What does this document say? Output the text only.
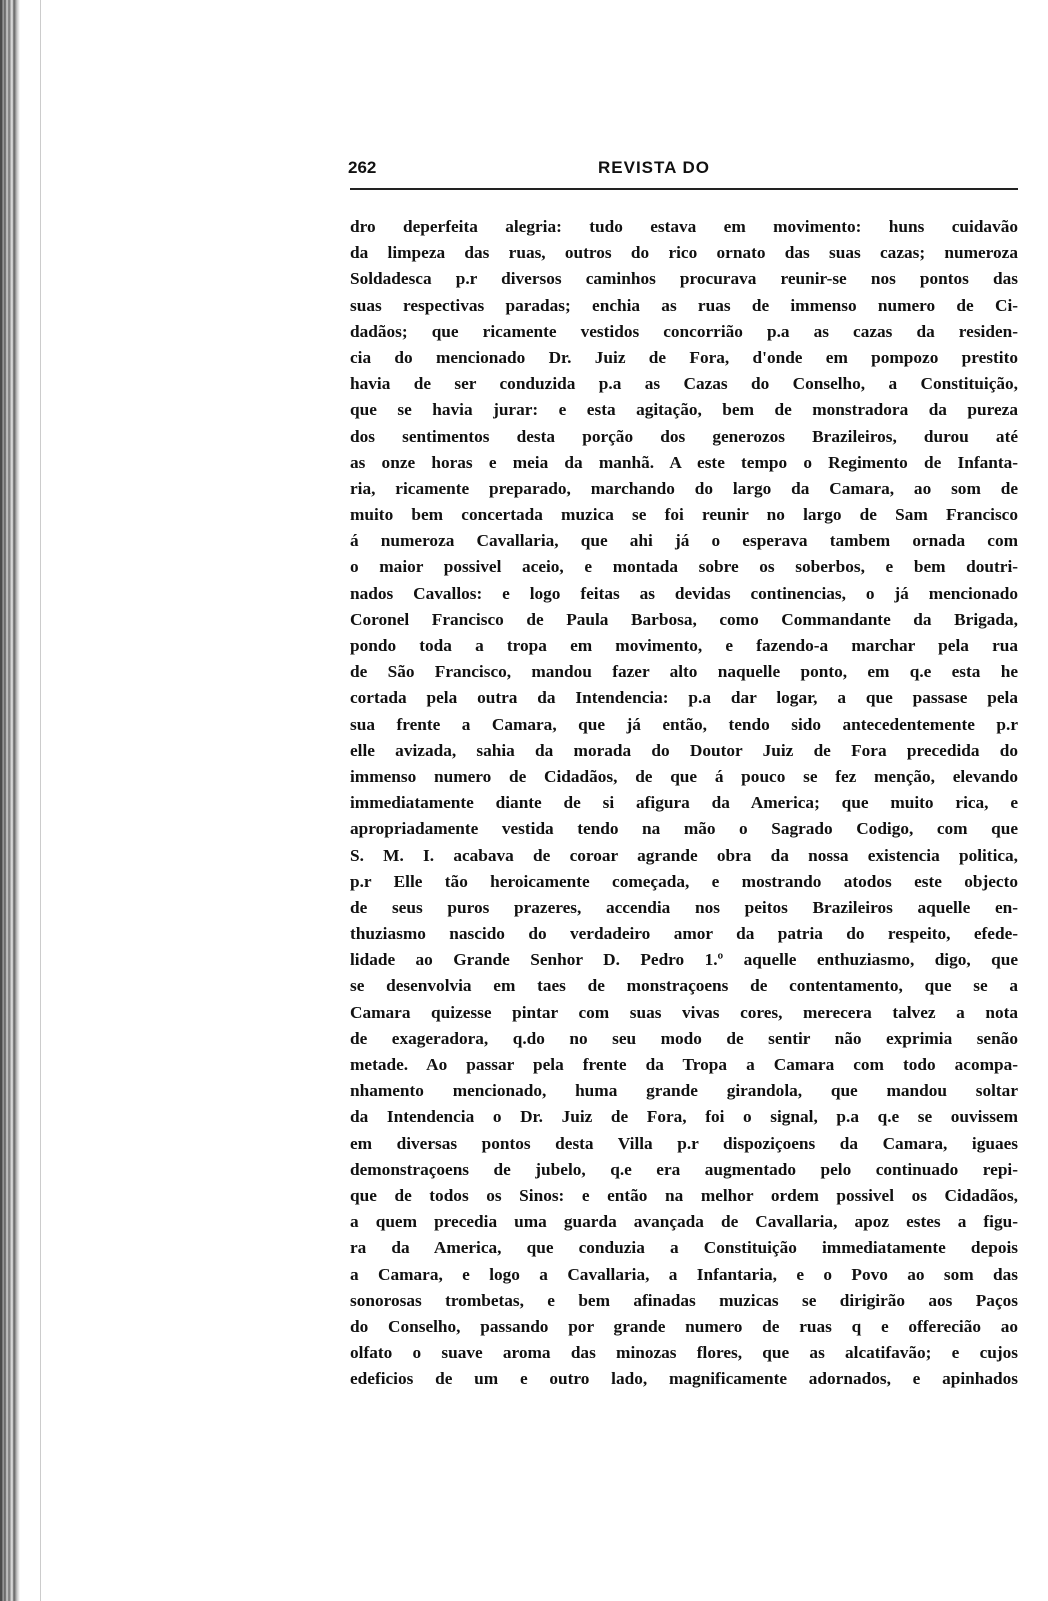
262	REVISTA DO
dro deperfeita alegria: tudo estava em movimento: huns cuidavão
da limpeza das ruas, outros do rico ornato das suas cazas; numeroza
Soldadesca p.r diversos caminhos procurava reunir-se nos pontos das
suas respectivas paradas; enchia as ruas de immenso numero de Ci-
dadãos; que ricamente vestidos concorrião p.a as cazas da residen-
cia do mencionado Dr. Juiz de Fora, d'onde em pompozo prestito
havia de ser conduzida p.a as Cazas do Conselho, a Constituição,
que se havia jurar: e esta agitação, bem de monstradora da pureza
dos sentimentos desta porção dos generozos Brazileiros, durou até
as onze horas e meia da manhã. A este tempo o Regimento de Infanta-
ria, ricamente preparado, marchando do largo da Camara, ao som de
muito bem concertada muzica se foi reunir no largo de Sam Francisco
á numeroza Cavallaria, que ahi já o esperava tambem ornada com
o maior possivel aceio, e montada sobre os soberbos, e bem doutri-
nados Cavallos: e logo feitas as devidas continencias, o já mencionado
Coronel Francisco de Paula Barbosa, como Commandante da Brigada,
pondo toda a tropa em movimento, e fazendo-a marchar pela rua
de São Francisco, mandou fazer alto naquelle ponto, em q.e esta he
cortada pela outra da Intendencia: p.a dar logar, a que passase pela
sua frente a Camara, que já então, tendo sido antecedentemente p.r
elle avizada, sahia da morada do Doutor Juiz de Fora precedida do
immenso numero de Cidadãos, de que á pouco se fez menção, elevando
immediatamente diante de si afigura da America; que muito rica, e
apropriadamente vestida tendo na mão o Sagrado Codigo, com que
S. M. I. acabava de coroar agrande obra da nossa existencia politica,
p.r Elle tão heroicamente começada, e mostrando atodos este objecto
de seus puros prazeres, accendia nos peitos Brazileiros aquelle en-
thuziasmo nascido do verdadeiro amor da patria do respeito, efede-
lidade ao Grande Senhor D. Pedro 1.º aquelle enthuziasmo, digo, que
se desenvolvia em taes de monstraçoens de contentamento, que se a
Camara quizesse pintar com suas vivas cores, merecera talvez a nota
de exageradora, q.do no seu modo de sentir não exprimia senão
metade. Ao passar pela frente da Tropa a Camara com todo acompa-
nhamento mencionado, huma grande girandola, que mandou soltar
da Intendencia o Dr. Juiz de Fora, foi o signal, p.a q.e se ouvissem
em diversas pontos desta Villa p.r dispoziçoens da Camara, iguaes
demonstraçoens de jubelo, q.e era augmentado pelo continuado repi-
que de todos os Sinos: e então na melhor ordem possivel os Cidadãos,
a quem precedia uma guarda avançada de Cavallaria, apoz estes a figu-
ra da America, que conduzia a Constituição immediatamente depois
a Camara, e logo a Cavallaria, a Infantaria, e o Povo ao som das
sonorosas trombetas, e bem afinadas muzicas se dirigirão aos Paços
do Conselho, passando por grande numero de ruas q e offerecião ao
olfato o suave aroma das minozas flores, que as alcatifavão; e cujos
edeficios de um e outro lado, magnificamente adornados, e apinhados
